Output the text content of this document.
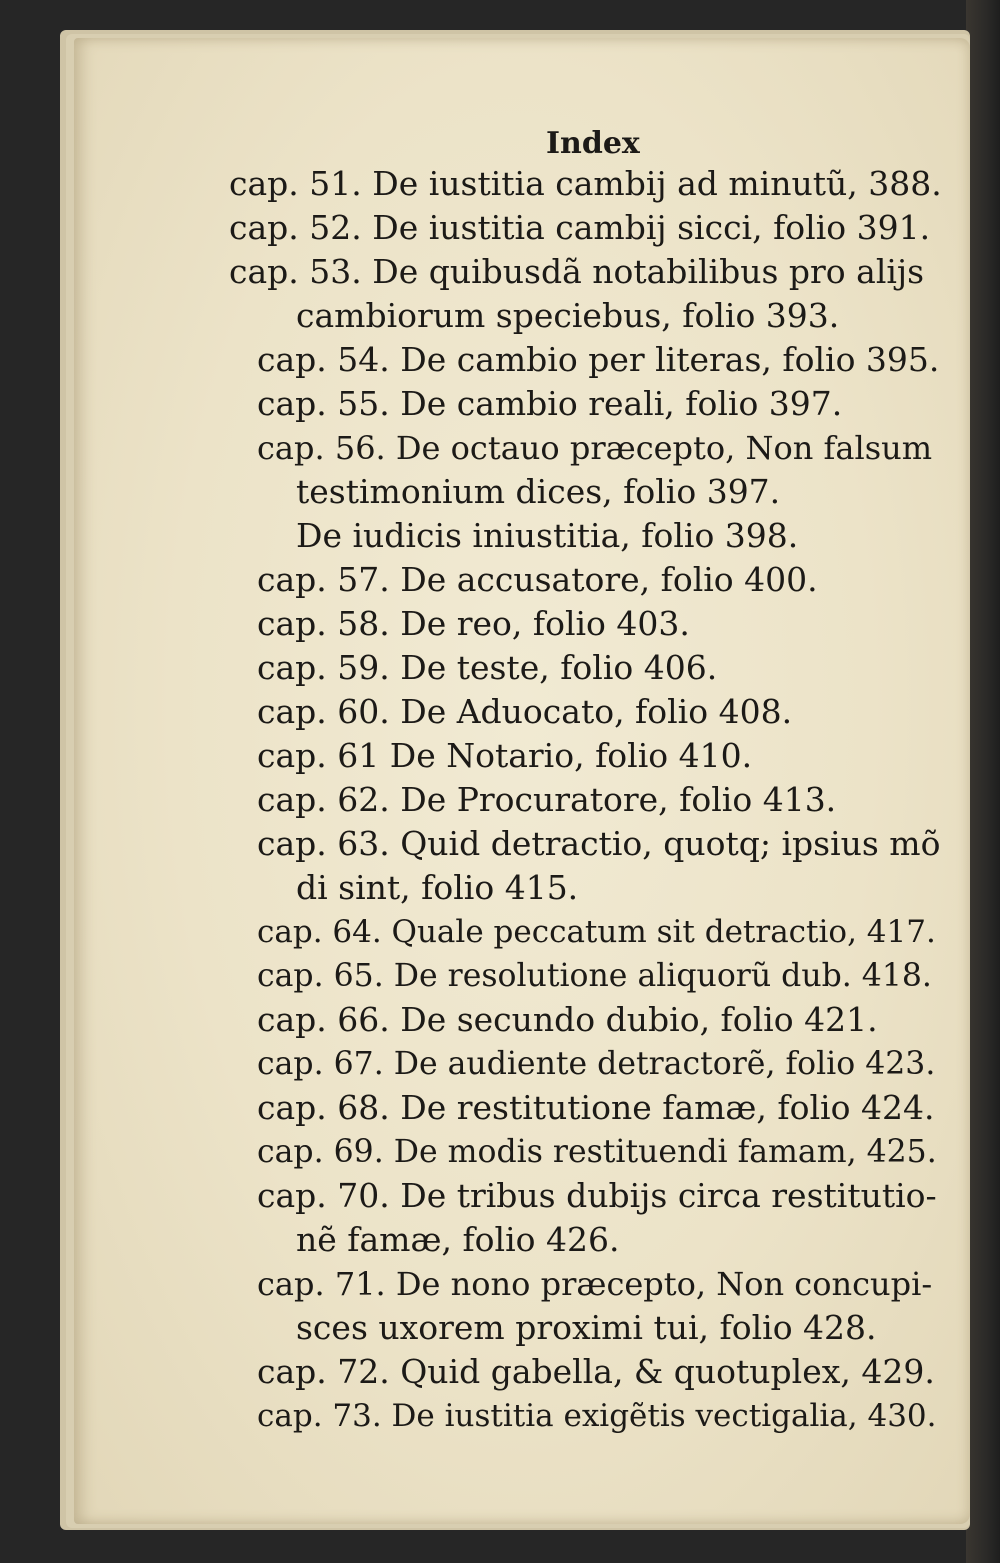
Index
cap. 51. De iustitia cambij ad minutũ, 388.
cap. 52. De iustitia cambij sicci, folio 391.
cap. 53. De quibusdã notabilibus pro alijs
cambiorum speciebus, folio 393.
cap. 54. De cambio per literas, folio 395.
cap. 55. De cambio reali, folio 397.
cap. 56. De octauo præcepto, Non falsum
testimonium dices, folio 397.
De iudicis iniustitia, folio 398.
cap. 57. De accusatore, folio 400.
cap. 58. De reo, folio 403.
cap. 59. De teste, folio 406.
cap. 60. De Aduocato, folio 408.
cap. 61 De Notario, folio 410.
cap. 62. De Procuratore, folio 413.
cap. 63. Quid detractio, quotq; ipsius mõ
di sint, folio 415.
cap. 64. Quale peccatum sit detractio, 417.
cap. 65. De resolutione aliquorũ dub. 418.
cap. 66. De secundo dubio, folio 421.
cap. 67. De audiente detractorẽ, folio 423.
cap. 68. De restitutione famæ, folio 424.
cap. 69. De modis restituendi famam, 425.
cap. 70. De tribus dubijs circa restitutio-
nẽ famæ, folio 426.
cap. 71. De nono præcepto, Non concupi-
sces uxorem proximi tui, folio 428.
cap. 72. Quid gabella, & quotuplex, 429.
cap. 73. De iustitia exigẽtis vectigalia, 430.
